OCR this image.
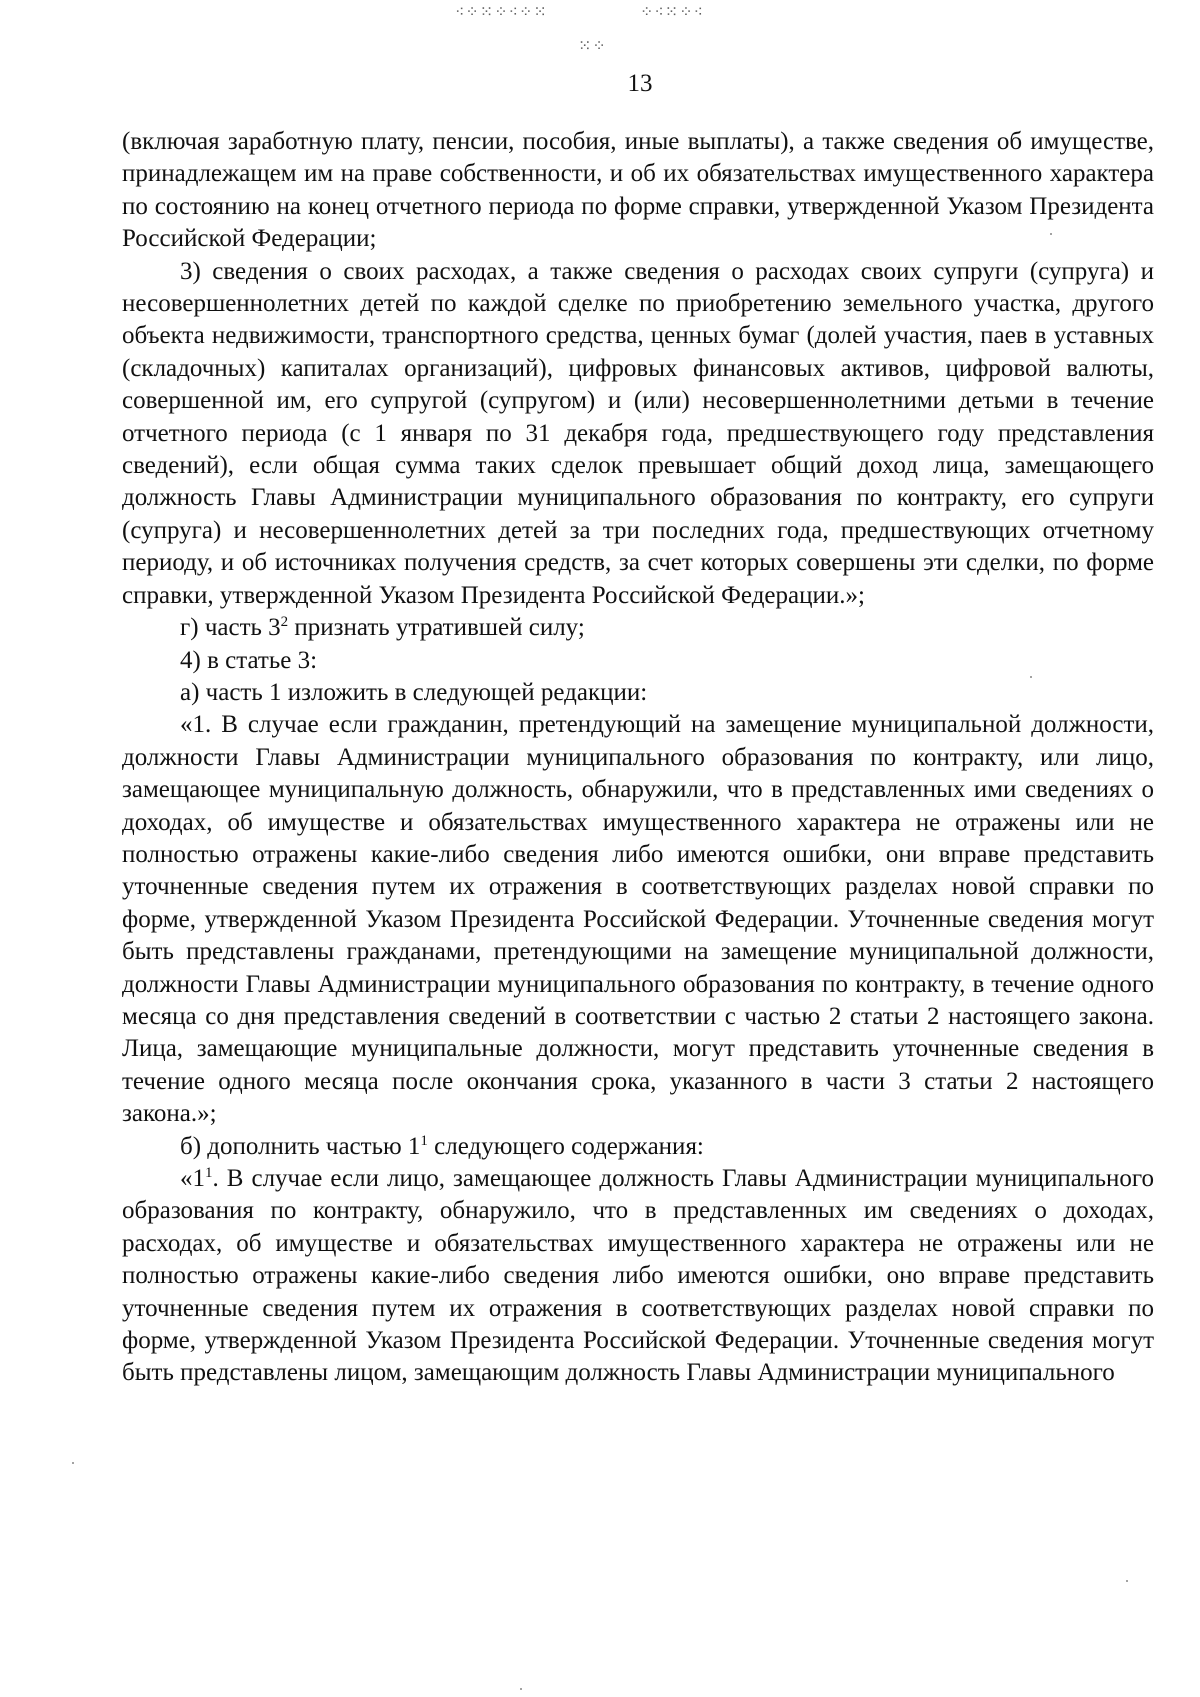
⁖⁘⁙⁘⁖⁘⁙	⁘⁖⁙⁘⁖
⁙⁘
13

(включая заработную плату, пенсии, пособия, иные выплаты), а также сведения об имуществе, принадлежащем им на праве собственности, и об их обязательствах имущественного характера по состоянию на конец отчетного периода по форме справки, утвержденной Указом Президента Российской Федерации;

3) сведения о своих расходах, а также сведения о расходах своих супруги (супруга) и несовершеннолетних детей по каждой сделке по приобретению земельного участка, другого объекта недвижимости, транспортного средства, ценных бумаг (долей участия, паев в уставных (складочных) капиталах организаций), цифровых финансовых активов, цифровой валюты, совершенной им, его супругой (супругом) и (или) несовершеннолетними детьми в течение отчетного периода (с 1 января по 31 декабря года, предшествующего году представления сведений), если общая сумма таких сделок превышает общий доход лица, замещающего должность Главы Администрации муниципального образования по контракту, его супруги (супруга) и несовершеннолетних детей за три последних года, предшествующих отчетному периоду, и об источниках получения средств, за счет которых совершены эти сделки, по форме справки, утвержденной Указом Президента Российской Федерации.»;

г) часть $3^2$ признать утратившей силу;

4) в статье 3:

а) часть 1 изложить в следующей редакции:

«1. В случае если гражданин, претендующий на замещение муниципальной должности, должности Главы Администрации муниципального образования по контракту, или лицо, замещающее муниципальную должность, обнаружили, что в представленных ими сведениях о доходах, об имуществе и обязательствах имущественного характера не отражены или не полностью отражены какие-либо сведения либо имеются ошибки, они вправе представить уточненные сведения путем их отражения в соответствующих разделах новой справки по форме, утвержденной Указом Президента Российской Федерации. Уточненные сведения могут быть представлены гражданами, претендующими на замещение муниципальной должности, должности Главы Администрации муниципального образования по контракту, в течение одного месяца со дня представления сведений в соответствии с частью 2 статьи 2 настоящего закона. Лица, замещающие муниципальные должности, могут представить уточненные сведения в течение одного месяца после окончания срока, указанного в части 3 статьи 2 настоящего закона.»;

б) дополнить частью $1^1$ следующего содержания:

«$1^1$. В случае если лицо, замещающее должность Главы Администрации муниципального образования по контракту, обнаружило, что в представленных им сведениях о доходах, расходах, об имуществе и обязательствах имущественного характера не отражены или не полностью отражены какие-либо сведения либо имеются ошибки, оно вправе представить уточненные сведения путем их отражения в соответствующих разделах новой справки по форме, утвержденной Указом Президента Российской Федерации. Уточненные сведения могут быть представлены лицом, замещающим должность Главы Администрации муниципального
